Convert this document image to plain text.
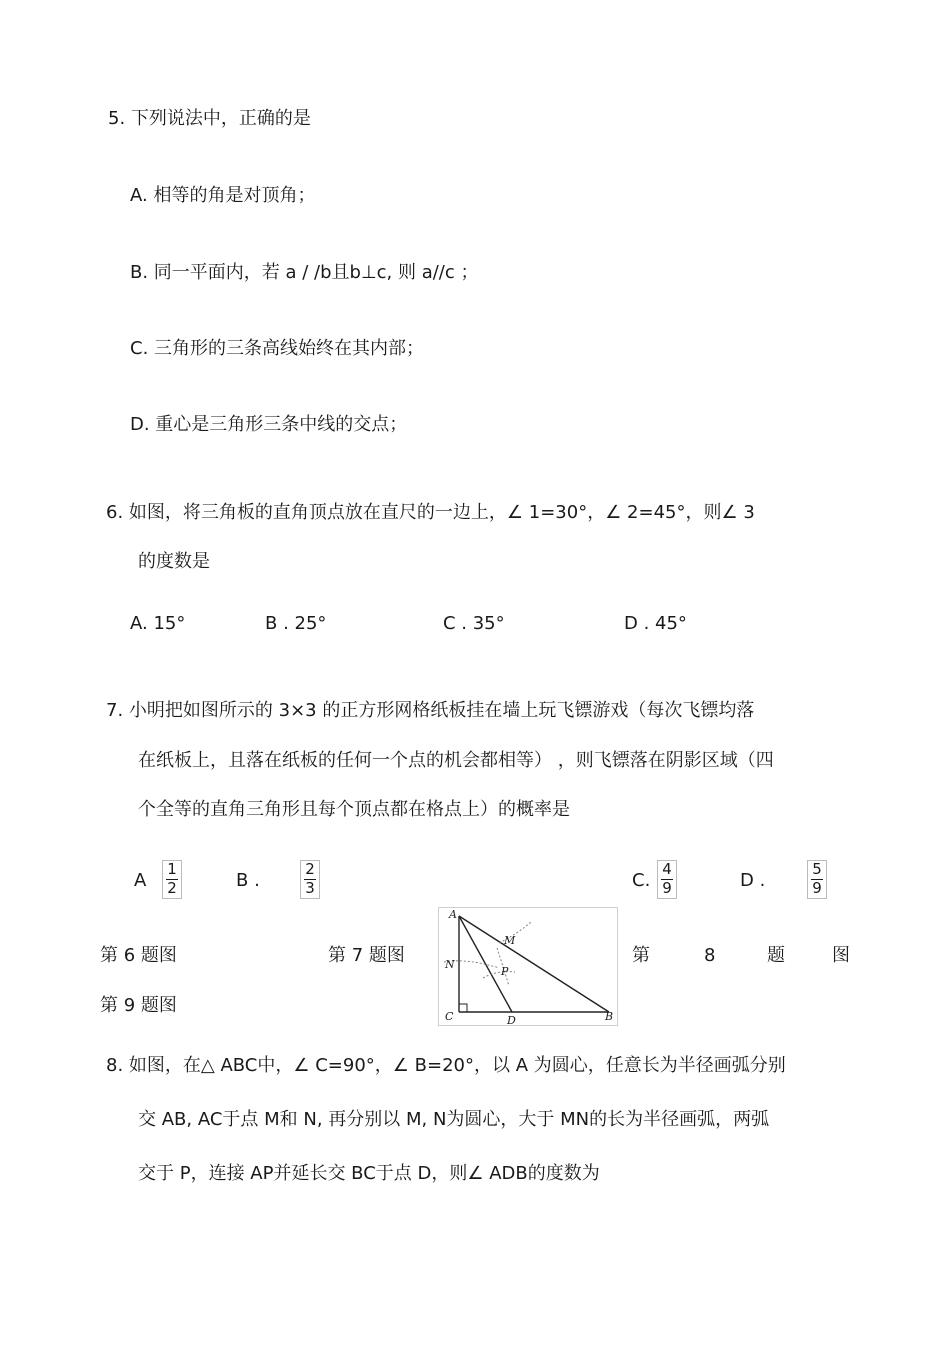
5. 下列说法中，正确的是
A. 相等的角是对顶角；
B. 同一平面内，若 a / /b且b⊥c, 则 a//c ；
C. 三角形的三条高线始终在其内部；
D. 重心是三角形三条中线的交点；
6. 如图，将三角板的直角顶点放在直尺的一边上，∠ 1=30°，∠ 2=45°，则∠ 3
的度数是
A. 15°	B . 25°	C . 35°	D . 45°
7. 小明把如图所示的 3×3 的正方形网格纸板挂在墙上玩飞镖游戏（每次飞镖均落
在纸板上，且落在纸板的任何一个点的机会都相等） ，则飞镖落在阴影区域（四
个全等的直角三角形且每个顶点都在格点上）的概率是
A
1
2	B .
2
3	C.
4
9	D .
5
9
第 6 题图	第 7 题图	第	8	题	图
第 9 题图
A
C	D	B
M
N
P
8. 如图，在△ ABC中，∠ C=90°，∠ B=20°，以 A 为圆心，任意长为半径画弧分别
交 AB, AC于点 M和 N, 再分别以 M, N为圆心，大于 MN的长为半径画弧，两弧
交于 P，连接 AP并延长交 BC于点 D，则∠ ADB的度数为
